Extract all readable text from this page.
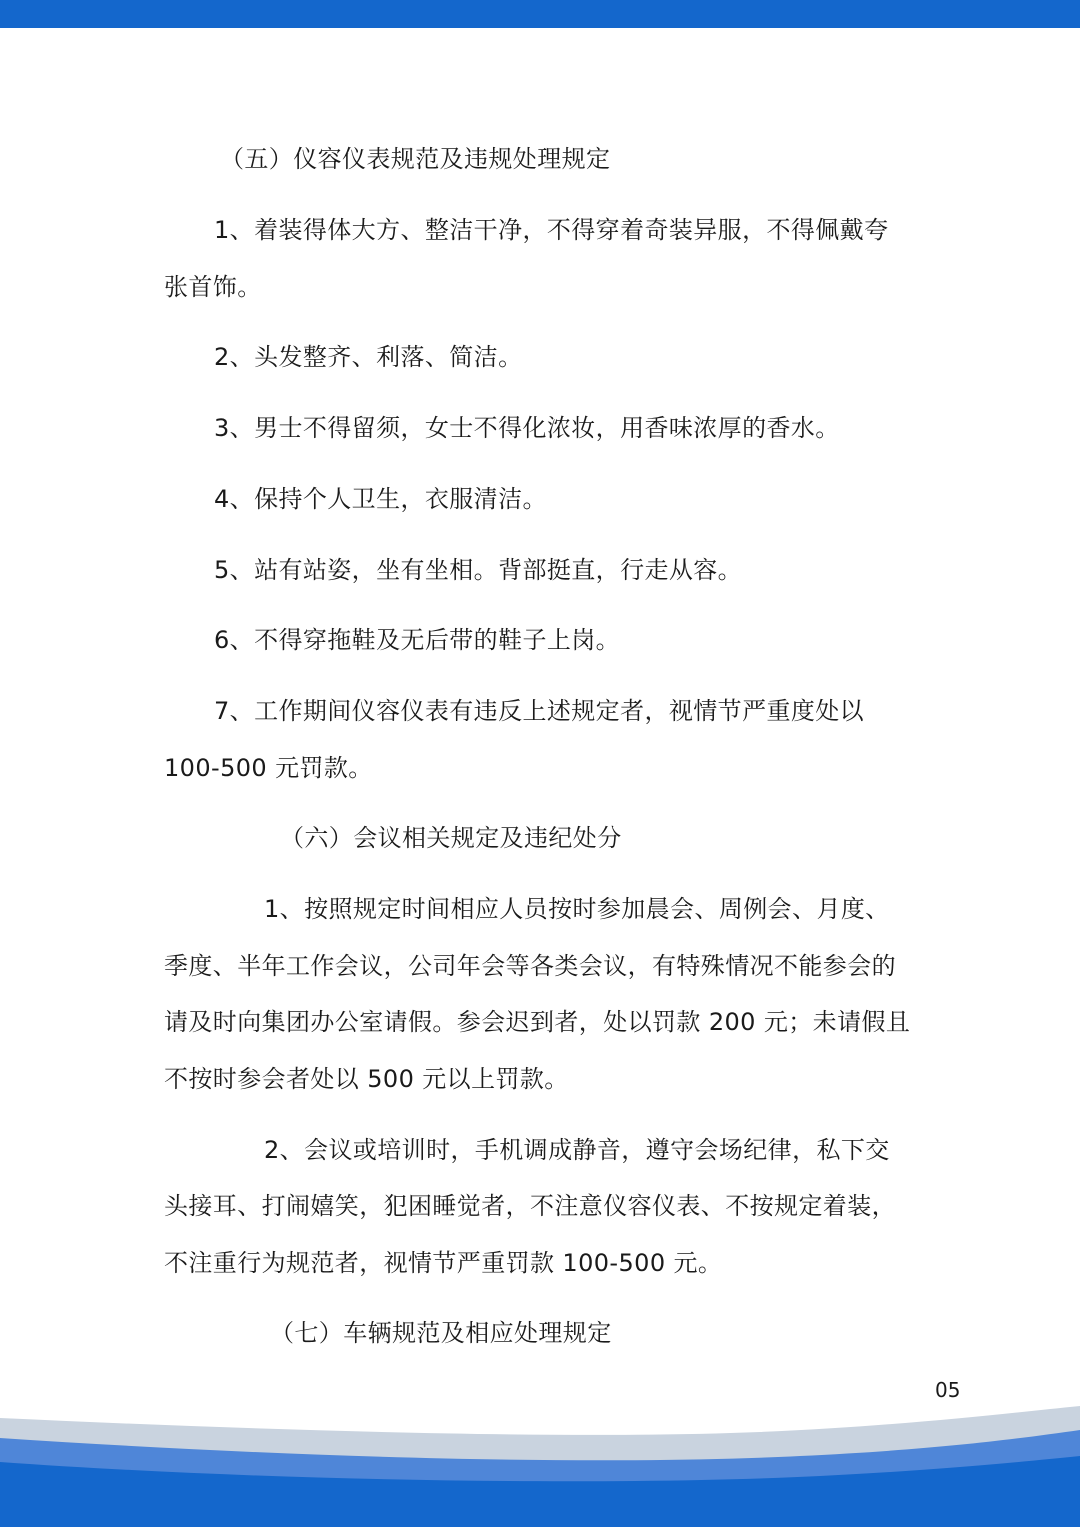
（五）仪容仪表规范及违规处理规定
1、着装得体大方、整洁干净，不得穿着奇装异服，不得佩戴夸
张首饰。
2、头发整齐、利落、简洁。
3、男士不得留须，女士不得化浓妆，用香味浓厚的香水。
4、保持个人卫生，衣服清洁。
5、站有站姿，坐有坐相。背部挺直，行走从容。
6、不得穿拖鞋及无后带的鞋子上岗。
7、工作期间仪容仪表有违反上述规定者，视情节严重度处以
100-500 元罚款。
（六）会议相关规定及违纪处分
1、按照规定时间相应人员按时参加晨会、周例会、月度、
季度、半年工作会议，公司年会等各类会议，有特殊情况不能参会的
请及时向集团办公室请假。参会迟到者，处以罚款 200 元；未请假且
不按时参会者处以 500 元以上罚款。
2、会议或培训时，手机调成静音，遵守会场纪律，私下交
头接耳、打闹嬉笑，犯困睡觉者，不注意仪容仪表、不按规定着装，
不注重行为规范者，视情节严重罚款 100-500 元。
（七）车辆规范及相应处理规定
05
